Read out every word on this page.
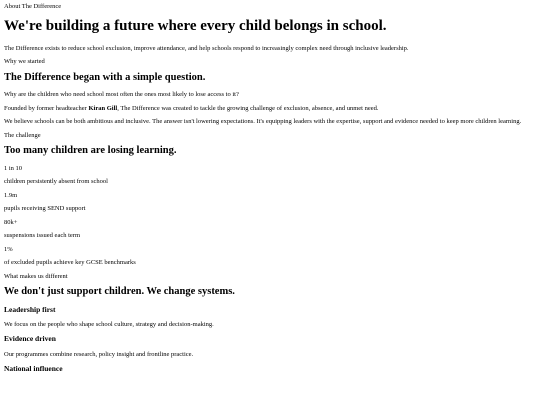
About The Difference
We're building a future where every child belongs in school.

The Difference exists to reduce school exclusion, improve attendance, and help schools respond to increasingly complex need through inclusive leadership.

Why we started
The Difference began with a simple question.

Why are the children who need school most often the ones most likely to lose access to it?

Founded by former headteacher Kiran Gill, The Difference was created to tackle the growing challenge of exclusion, absence, and unmet need.

We believe schools can be both ambitious and inclusive. The answer isn't lowering expectations. It's equipping leaders with the expertise, support and evidence needed to keep more children learning.

The challenge
Too many children are losing learning.

1 in 10

children persistently absent from school

1.9m

pupils receiving SEND support

80k+

suspensions issued each term

1%

of excluded pupils achieve key GCSE benchmarks

What makes us different
We don't just support children. We change systems.
Leadership first

We focus on the people who shape school culture, strategy and decision-making.

Evidence driven

Our programmes combine research, policy insight and frontline practice.

National influence
